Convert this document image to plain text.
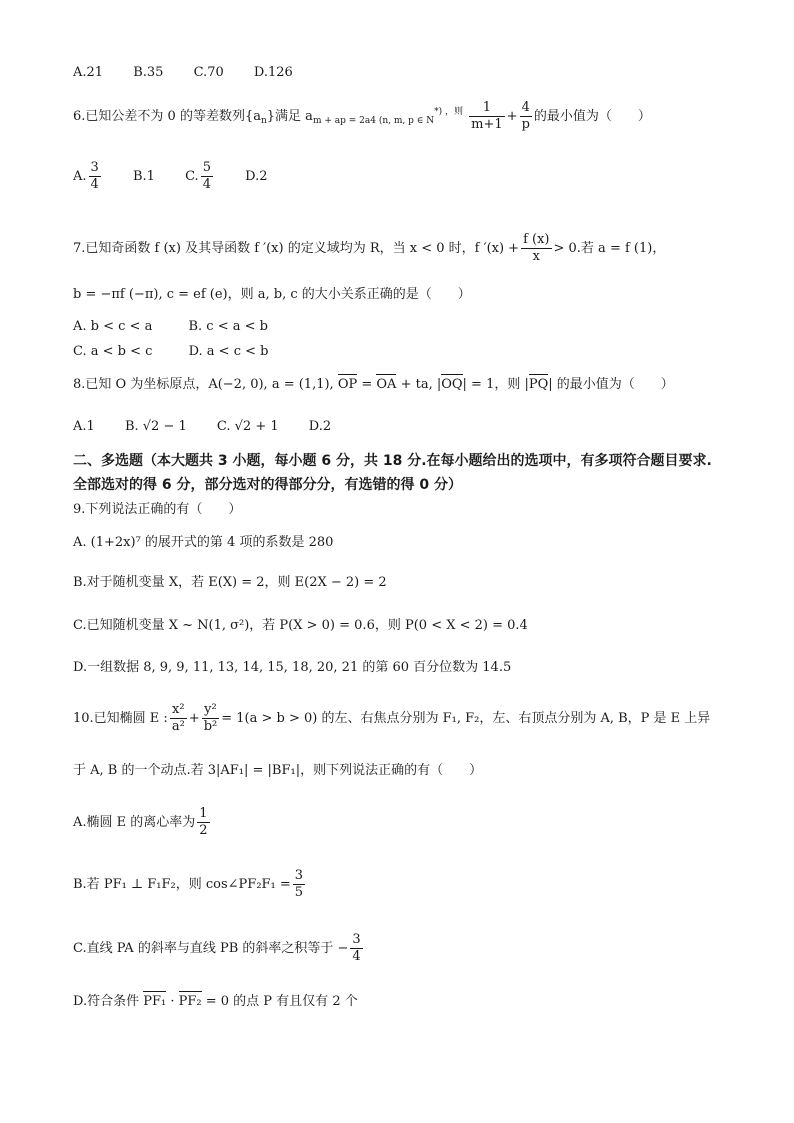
A.21 B.35 C.70 D.126
6.已知公差不为 0 的等差数列$\{a_n\}$满足 $a_{m + ap = 2a4 (n, m, p \in N}^{*) ,则} \frac{1}{m+1} + \frac{4}{p}$ 的最小值为（　　）
A. $\frac{3}{4} B.1$ C. $\frac{5}{4} D.2$
7.已知奇函数 f (x) 及其导函数 f ′(x) 的定义域均为 R，当 x < 0 时，f $'(x) + \frac{f (x)}{x} > 0$.若 a = f (1)，
b = −πf (−π), c = ef (e)，则 a, b, c 的大小关系正确的是（　　）
A. b < c < a	B. c < a < b
C. a < b < c	D. a < c < b
8.已知 O 为坐标原点，A(−2, 0), a = (1,1), OP = OA + ta, |OQ| = 1，则 |PQ| 的最小值为（　　）
A.1 B. √2 − 1 C. √2 + 1 D.2
二、多选题（本大题共 3 小题，每小题 6 分，共 18 分.在每小题给出的选项中，有多项符合题目要求.全部选对的得 6 分，部分选对的得部分分，有选错的得 0 分）
9.下列说法正确的有（　　）
A. (1+2x)⁷ 的展开式的第 4 项的系数是 280
B.对于随机变量 X，若 E(X) = 2，则 E(2X − 2) = 2
C.已知随机变量 X ~ N(1, σ²)，若 P(X > 0) = 0.6，则 P(0 < X < 2) = 0.4
D.一组数据 8, 9, 9, 11, 13, 14, 15, 18, 20, 21 的第 60 百分位数为 14.5
10.已知椭圆 E : $\frac{\text{x²}}{\text{a²}} + \frac{\text{y²}}{\text{b²}} = 1(a > b > 0)$ 的左、右焦点分别为 F₁, F₂，左、右顶点分别为 A, B，P 是 E 上异
于 A, B 的一个动点.若 3|AF₁| = |BF₁|，则下列说法正确的有（　　）
A.椭圆 E 的离心率为 $\frac{1}{2}$
B.若 PF₁ ⊥ F₁F₂，则 cos∠PF₂F₁ = $\frac{3}{5}$
C.直线 PA 的斜率与直线 PB 的斜率之积等于 − $\frac{3}{4}$
D.符合条件 PF₁ · PF₂ = 0 的点 P 有且仅有 2 个
